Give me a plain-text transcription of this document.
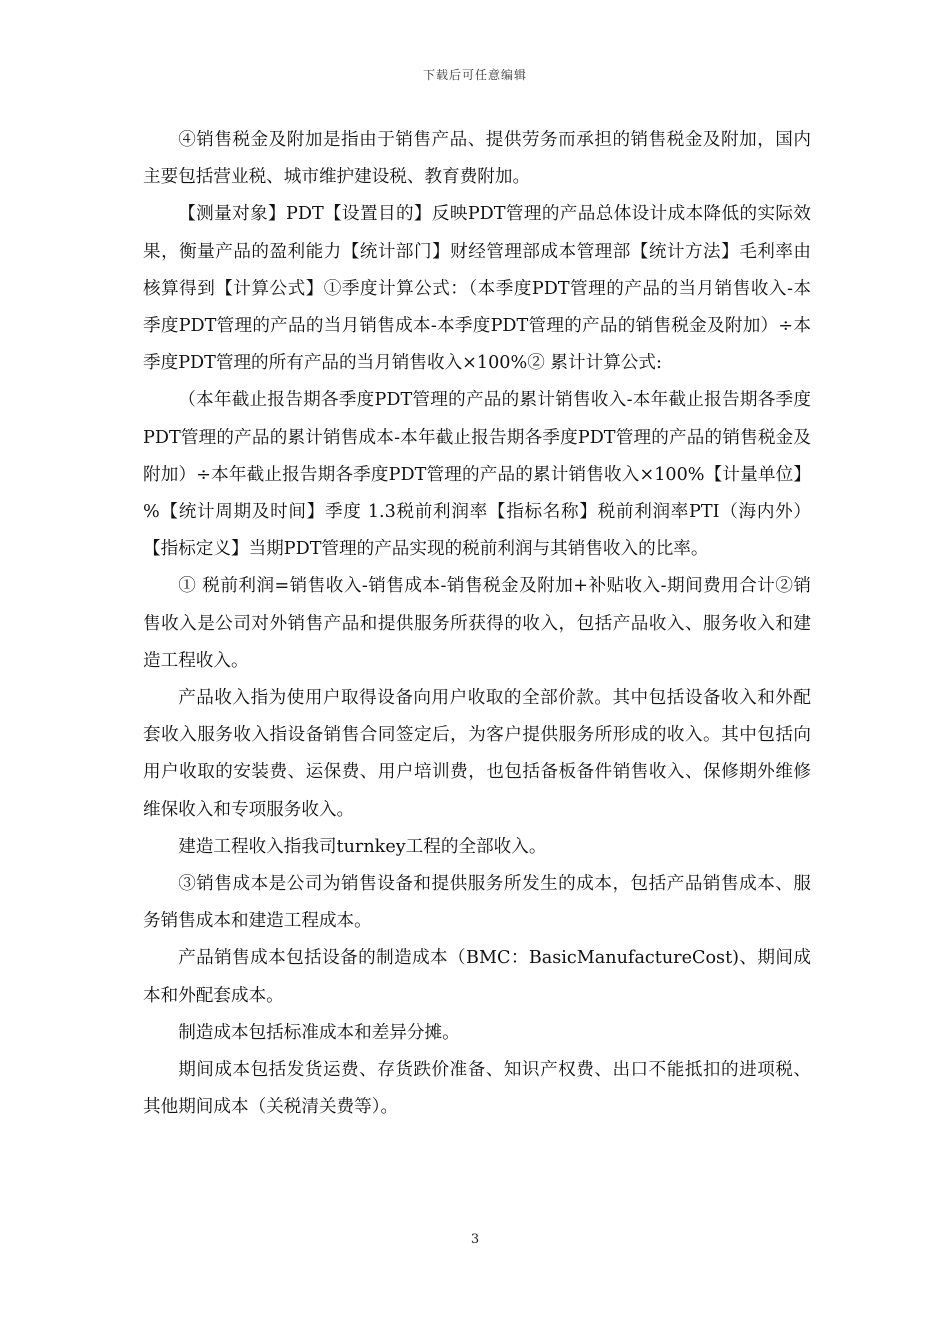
下载后可任意编辑

④销售税金及附加是指由于销售产品、提供劳务而承担的销售税金及附加，国内主要包括营业税、城市维护建设税、教育费附加。

【测量对象】PDT【设置目的】反映PDT管理的产品总体设计成本降低的实际效果，衡量产品的盈利能力【统计部门】财经管理部成本管理部【统计方法】毛利率由核算得到【计算公式】①季度计算公式：（本季度PDT管理的产品的当月销售收入-本季度PDT管理的产品的当月销售成本-本季度PDT管理的产品的销售税金及附加）÷本季度PDT管理的所有产品的当月销售收入×100%② 累计计算公式:

（本年截止报告期各季度PDT管理的产品的累计销售收入-本年截止报告期各季度PDT管理的产品的累计销售成本-本年截止报告期各季度PDT管理的产品的销售税金及附加）÷本年截止报告期各季度PDT管理的产品的累计销售收入×100%【计量单位】%【统计周期及时间】季度 1.3税前利润率【指标名称】税前利润率PTI（海内外）【指标定义】当期PDT管理的产品实现的税前利润与其销售收入的比率。

① 税前利润=销售收入-销售成本-销售税金及附加+补贴收入-期间费用合计②销售收入是公司对外销售产品和提供服务所获得的收入，包括产品收入、服务收入和建造工程收入。

产品收入指为使用户取得设备向用户收取的全部价款。其中包括设备收入和外配套收入服务收入指设备销售合同签定后，为客户提供服务所形成的收入。其中包括向用户收取的安装费、运保费、用户培训费，也包括备板备件销售收入、保修期外维修维保收入和专项服务收入。

建造工程收入指我司turnkey工程的全部收入。

③销售成本是公司为销售设备和提供服务所发生的成本，包括产品销售成本、服务销售成本和建造工程成本。

产品销售成本包括设备的制造成本（BMC：BasicManufactureCost)、期间成本和外配套成本。

制造成本包括标准成本和差异分摊。

期间成本包括发货运费、存货跌价准备、知识产权费、出口不能抵扣的进项税、其他期间成本（关税清关费等）。

3
